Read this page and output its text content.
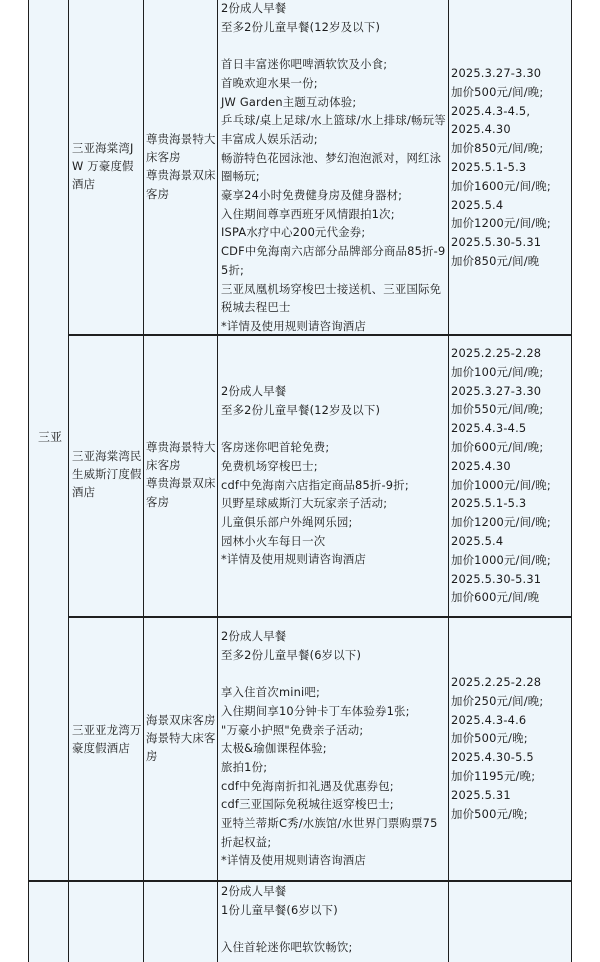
三亚
三亚海棠湾JW 万豪度假酒店
尊贵海景特大床客房
尊贵海景双床客房
2份成人早餐
至多2份儿童早餐(12岁及以下)

首日丰富迷你吧啤酒软饮及小食;
首晚欢迎水果一份;
JW Garden主题互动体验;
乒乓球/桌上足球/水上篮球/水上排球/畅玩等丰富成人娱乐活动;
畅游特色花园泳池、梦幻泡泡派对，网红泳圈畅玩;
豪享24小时免费健身房及健身器材;
入住期间尊享西班牙风情跟拍1次;
ISPA水疗中心200元代金券;
CDF中免海南六店部分品牌部分商品85折-95折;
三亚凤凰机场穿梭巴士接送机、三亚国际免税城去程巴士
*详情及使用规则请咨询酒店
2025.3.27-3.30
加价500元/间/晚;
2025.4.3-4.5,
2025.4.30
加价850元/间/晚;
2025.5.1-5.3
加价1600元/间/晚;
2025.5.4
加价1200元/间/晚;
2025.5.30-5.31
加价850元/间/晚
三亚海棠湾民生威斯汀度假酒店
尊贵海景特大床客房
尊贵海景双床客房
2份成人早餐
至多2份儿童早餐(12岁及以下)

客房迷你吧首轮免费;
免费机场穿梭巴士;
cdf中免海南六店指定商品85折-9折;
贝野星球威斯汀大玩家亲子活动;
儿童俱乐部户外绳网乐园;
园林小火车每日一次
*详情及使用规则请咨询酒店
2025.2.25-2.28
加价100元/间/晚;
2025.3.27-3.30
加价550元/间/晚;
2025.4.3-4.5
加价600元/间/晚;
2025.4.30
加价1000元/间/晚;
2025.5.1-5.3
加价1200元/间/晚;
2025.5.4
加价1000元/间/晚;
2025.5.30-5.31
加价600元/间/晚
三亚亚龙湾万豪度假酒店
海景双床客房
海景特大床客房
2份成人早餐
至多2份儿童早餐(6岁以下)

享入住首次mini吧;
入住期间享10分钟卡丁车体验券1张;
"万豪小护照"免费亲子活动;
太极&瑜伽课程体验;
旅拍1份;
cdf中免海南折扣礼遇及优惠券包;
cdf三亚国际免税城往返穿梭巴士;
亚特兰蒂斯C秀/水族馆/水世界门票购票75折起权益;
*详情及使用规则请咨询酒店
2025.2.25-2.28
加价250元/间/晚;
2025.4.3-4.6
加价500元/晚;
2025.4.30-5.5
加价1195元/晚;
2025.5.31
加价500元/晚;
2份成人早餐
1份儿童早餐(6岁以下)

入住首轮迷你吧软饮畅饮;
